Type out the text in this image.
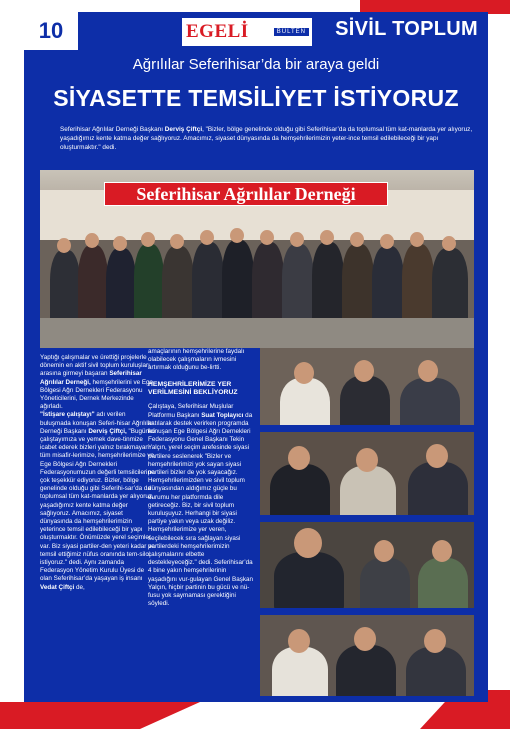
10	EGELİ	BÜLTEN SİVİL TOPLUM
Ağrılılar Seferihisar’da bir araya geldi
SİYASETTE TEMSİLİYET İSTİYORUZ
Seferihisar Ağrılılar Derneği Başkanı Derviş Çiftçi, "Bizler, bölge genelinde olduğu gibi Seferihisar’da da toplumsal tüm kat-manlarda yer alıyoruz, yaşadığımız kente katma değer sağlıyoruz. Amacımız, siyaset dünyasında da hemşehrilerimizin yeter-ince temsil edilebileceği bir yapı oluşturmaktır." dedi.
Seferihisar Ağrılılar Derneği

Yaptığı çalışmalar ve ürettiği projelerle dönemin en aktif sivil toplum kuruluşları arasına girmeyi başaran Seferihisar Ağrılılar Derneği, hemşehrilerini ve Ege Bölgesi Ağrı Dernekleri Federasyonu Yöneticilerini, Dernek Merkezinde ağırladı.
"İstişare çalıştayı" adı verilen buluşmada konuşan Seferi-hisar Ağrılılar Derneği Başkanı Derviş Çiftçi, "Bugünkü çalıştayımıza ve yemek dave-tinmize icabet ederek bizleri yalnız bırakmayan tüm misafir-lerimize, hemşehrilerimize ve Ege Bölgesi Ağrı Dernekleri Federasyonumuzun değerli temsilcilerine çok teşekkür ediyoruz. Bizler, bölge genelinde olduğu gibi Seferihi-sar’da da toplumsal tüm kat-manlarda yer alıyoruz, yaşadığımız kente katma değer sağlıyoruz. Amacımız, siyaset dünyasında da hemşehrilerimizin yeterince temsil edilebileceği bir yapı oluşturmaktır. Önümüzde yerel seçimler var. Biz siyasi partiler-den yeteri kadar ve temsil ettiğimiz nüfus oranında tem-silci istiyoruz." dedi. Aynı zamanda Federasyon Yönetim Kurulu Üyesi de olan Seferihisar’da yaşayan iş insanı Vedat Çiftçi de,

amaçlarının hemşehrilerine faydalı olabilecek çalışmaların ivmesini artırmak olduğunu be-lirtti.

HEMŞEHRİLERİMİZE YER VERİLMESİNİ BEKLİYORUZ

Çalıştaya, Seferihisar Muşlular Platformu Başkanı Suat Toplayıcı da katılarak destek verirken programda konuşan Ege Bölgesi Ağrı Dernekleri Federasyonu Genel Başkanı Tekin Yalçın, yerel seçim arefesinde siyasi partilere seslenerek "Bizler ve hemşehrilerimizi yok sayan siyasi partileri bizler de yok sayacağız. Hemşehrilerimizden ve sivil toplum dünyasından aldığımız güçle bu durumu her platformda dile getireceğiz. Biz, bir sivil toplum kuruluşuyuz. Herhangi bir siyasi partiye yakın veya uzak değiliz. Hemşehrilerimize yer veren, seçilebilecek sıra sağlayan siyasi partilerdeki hemşehrilerimizin çalışmalarını elbette destekleyeceğiz." dedi. Seferihisar’da 4 bine yakın hemşehrilerinin yaşadığını vur-gulayan Genel Başkan Yalçın, hiçbir partinin bu gücü ve nü-fusu yok saymaması gerektiğini söyledi.
